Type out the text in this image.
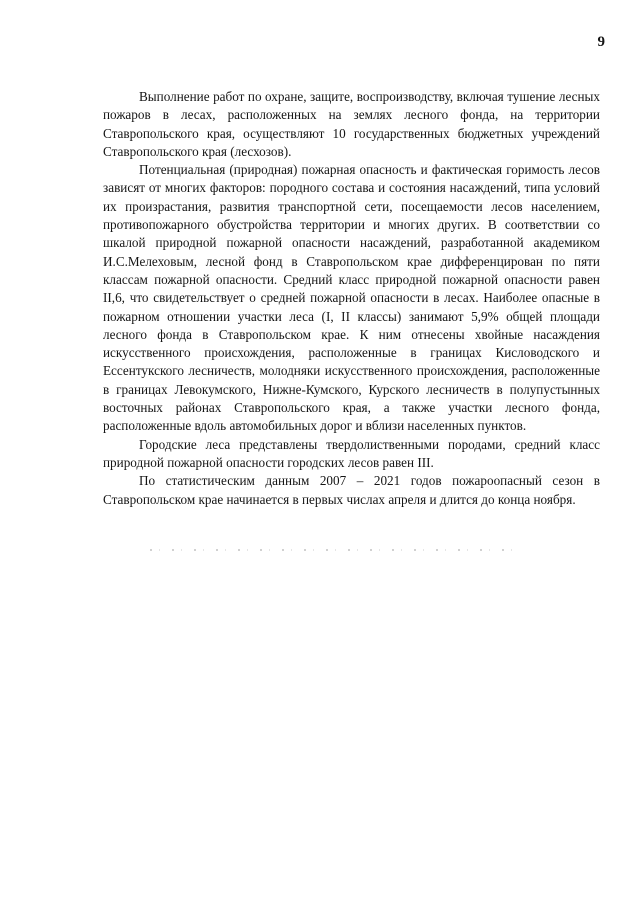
9

Выполнение работ по охране, защите, воспроизводству, включая тушение лесных пожаров в лесах, расположенных на землях лесного фонда, на территории Ставропольского края, осуществляют 10 государственных бюджетных учреждений Ставропольского края (лесхозов).

Потенциальная (природная) пожарная опасность и фактическая горимость лесов зависят от многих факторов: породного состава и состояния насаждений, типа условий их произрастания, развития транспортной сети, посещаемости лесов населением, противопожарного обустройства территории и многих других. В соответствии со шкалой природной пожарной опасности насаждений, разработанной академиком И.С.Мелеховым, лесной фонд в Ставропольском крае дифференцирован по пяти классам пожарной опасности. Средний класс природной пожарной опасности равен II,6, что свидетельствует о средней пожарной опасности в лесах. Наиболее опасные в пожарном отношении участки леса (I, II классы) занимают 5,9% общей площади лесного фонда в Ставропольском крае. К ним отнесены хвойные насаждения искусственного происхождения, расположенные в границах Кисловодского и Ессентукского лесничеств, молодняки искусственного происхождения, расположенные в границах Левокумского, Нижне-Кумского, Курского лесничеств в полупустынных восточных районах Ставропольского края, а также участки лесного фонда, расположенные вдоль автомобильных дорог и вблизи населенных пунктов.

Городские леса представлены твердолиственными породами, средний класс природной пожарной опасности городских лесов равен III.

По статистическим данным 2007 – 2021 годов пожароопасный сезон в Ставропольском крае начинается в первых числах апреля и длится до конца ноября.
